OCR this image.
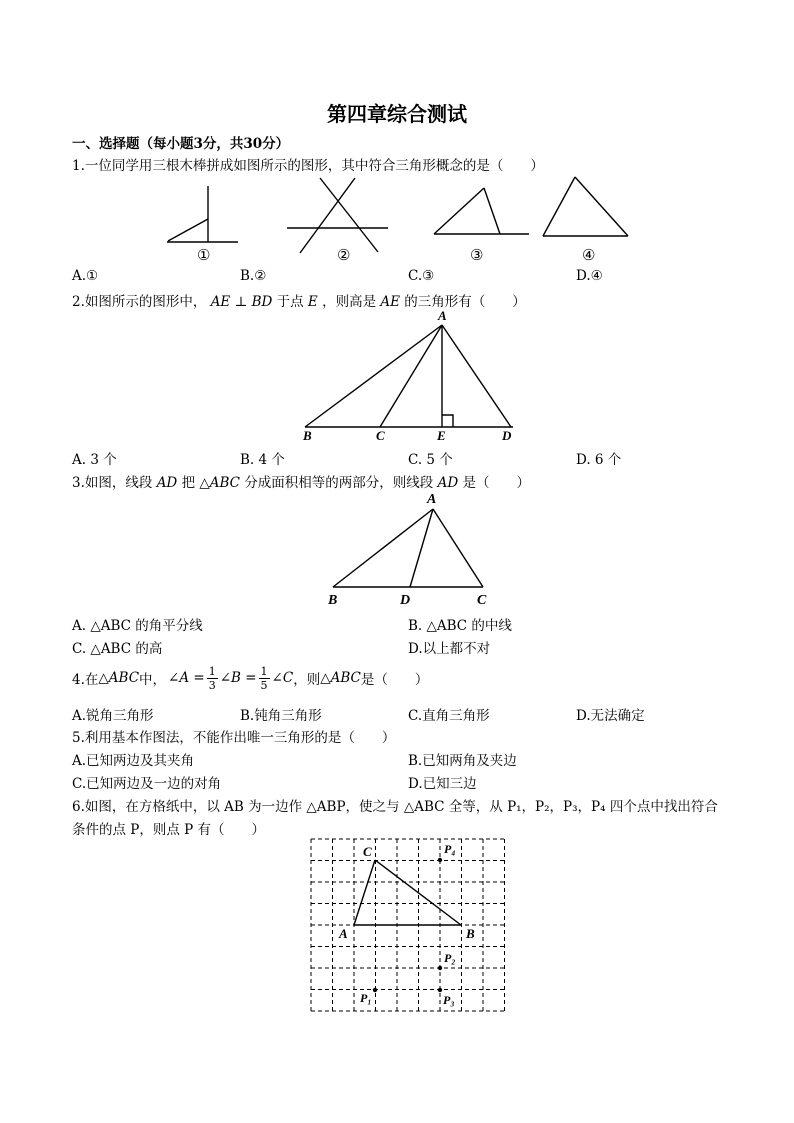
第四章综合测试
一、选择题（每小题3分，共30分）
1.一位同学用三根木棒拼成如图所示的图形，其中符合三角形概念的是（　　）
①	②	③	④
A.①	B.②	C.③	D.④
2.如图所示的图形中， AE ⊥ BD 于点 E ，则高是 AE 的三角形有（　　）
A
B	C	E	D
A. 3 个	B. 4 个	C. 5 个	D. 6 个
3.如图，线段 AD 把 △ABC 分成面积相等的两部分，则线段 AD 是（　　）
A
B	D	C
A. △ABC 的角平分线	B. △ABC 的中线
C. △ABC 的高	D.以上都不对
4.在 △ABC 中， ∠A = $\frac{1}{3}$ ∠B = $\frac{1}{5}$ ∠C ，则 △ABC 是（　　）
A.锐角三角形	B.钝角三角形	C.直角三角形	D.无法确定
5.利用基本作图法，不能作出唯一三角形的是（　　）
A.已知两边及其夹角	B.已知两角及夹边
C.已知两边及一边的对角	D.已知三边
6.如图，在方格纸中，以 AB 为一边作 △ABP，使之与 △ABC 全等，从 P₁，P₂，P₃，P₄ 四个点中找出符合
条件的点 P，则点 P 有（　　）
C
A	B
P₄
P₂
P₁	P₃
